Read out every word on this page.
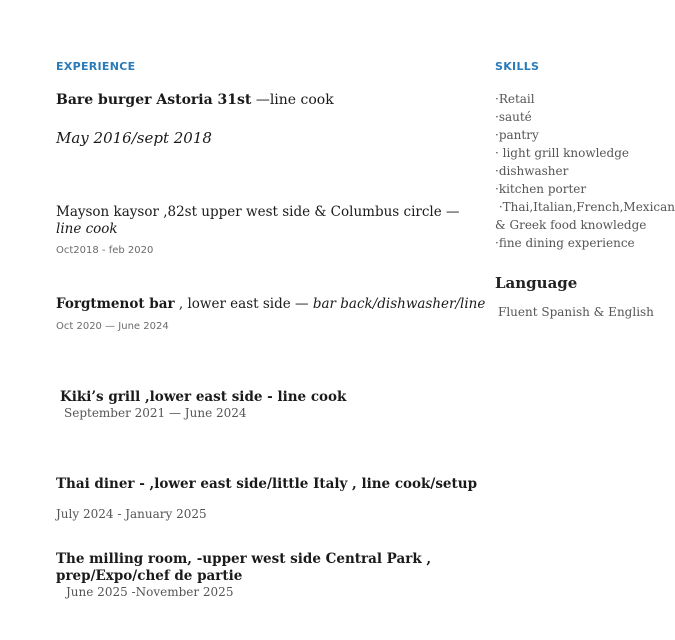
EXPERIENCE
Bare burger Astoria 31st —line cook
May 2016/sept 2018
Mayson kaysor ,82st upper west side & Columbus circle —
line cook
Oct2018 - feb 2020
Forgtmenot bar , lower east side — bar back/dishwasher/line
Oct 2020 — June 2024
Kiki’s grill ,lower east side - line cook
September 2021 — June 2024
Thai diner - ,lower east side/little Italy , line cook/setup
July 2024 - January 2025
The milling room, -upper west side Central Park ,
prep/Expo/chef de partie
June 2025 -November 2025
SKILLS
·Retail
·sauté
·pantry
· light grill knowledge
·dishwasher
·kitchen porter
·Thai,Italian,French,Mexican
& Greek food knowledge
·fine dining experience
Language
Fluent Spanish & English
